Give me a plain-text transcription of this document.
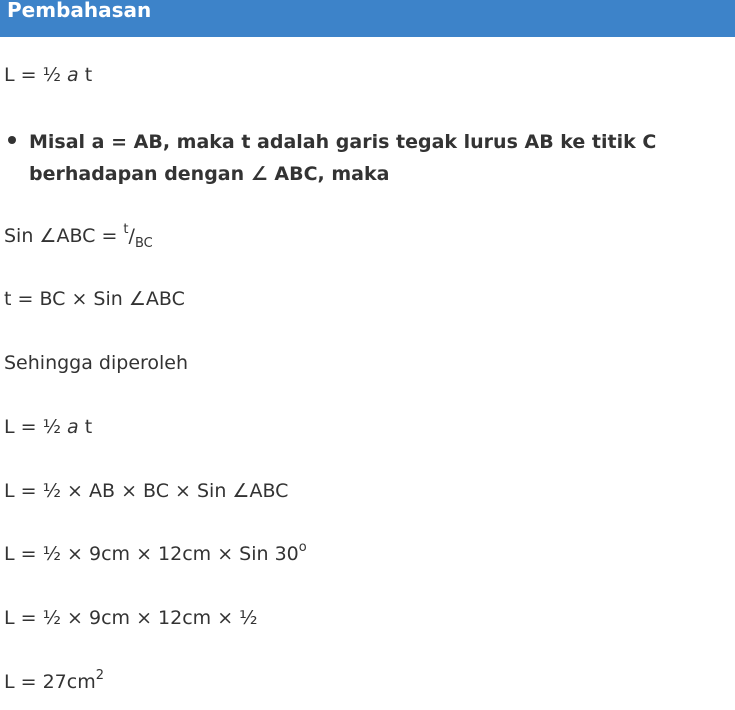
Pembahasan
L = ½ a t
Misal a = AB, maka t adalah garis tegak lurus AB ke titik C berhadapan dengan ∠ ABC, maka
Sin ∠ABC = $^t/_{BC}$
t = BC × Sin ∠ABC
Sehingga diperoleh
L = ½ a t
L = ½ × AB × BC × Sin ∠ABC
L = ½ × 9cm × 12cm × Sin 30$^o$
L = ½ × 9cm × 12cm × ½
$L = 27cm^2$
